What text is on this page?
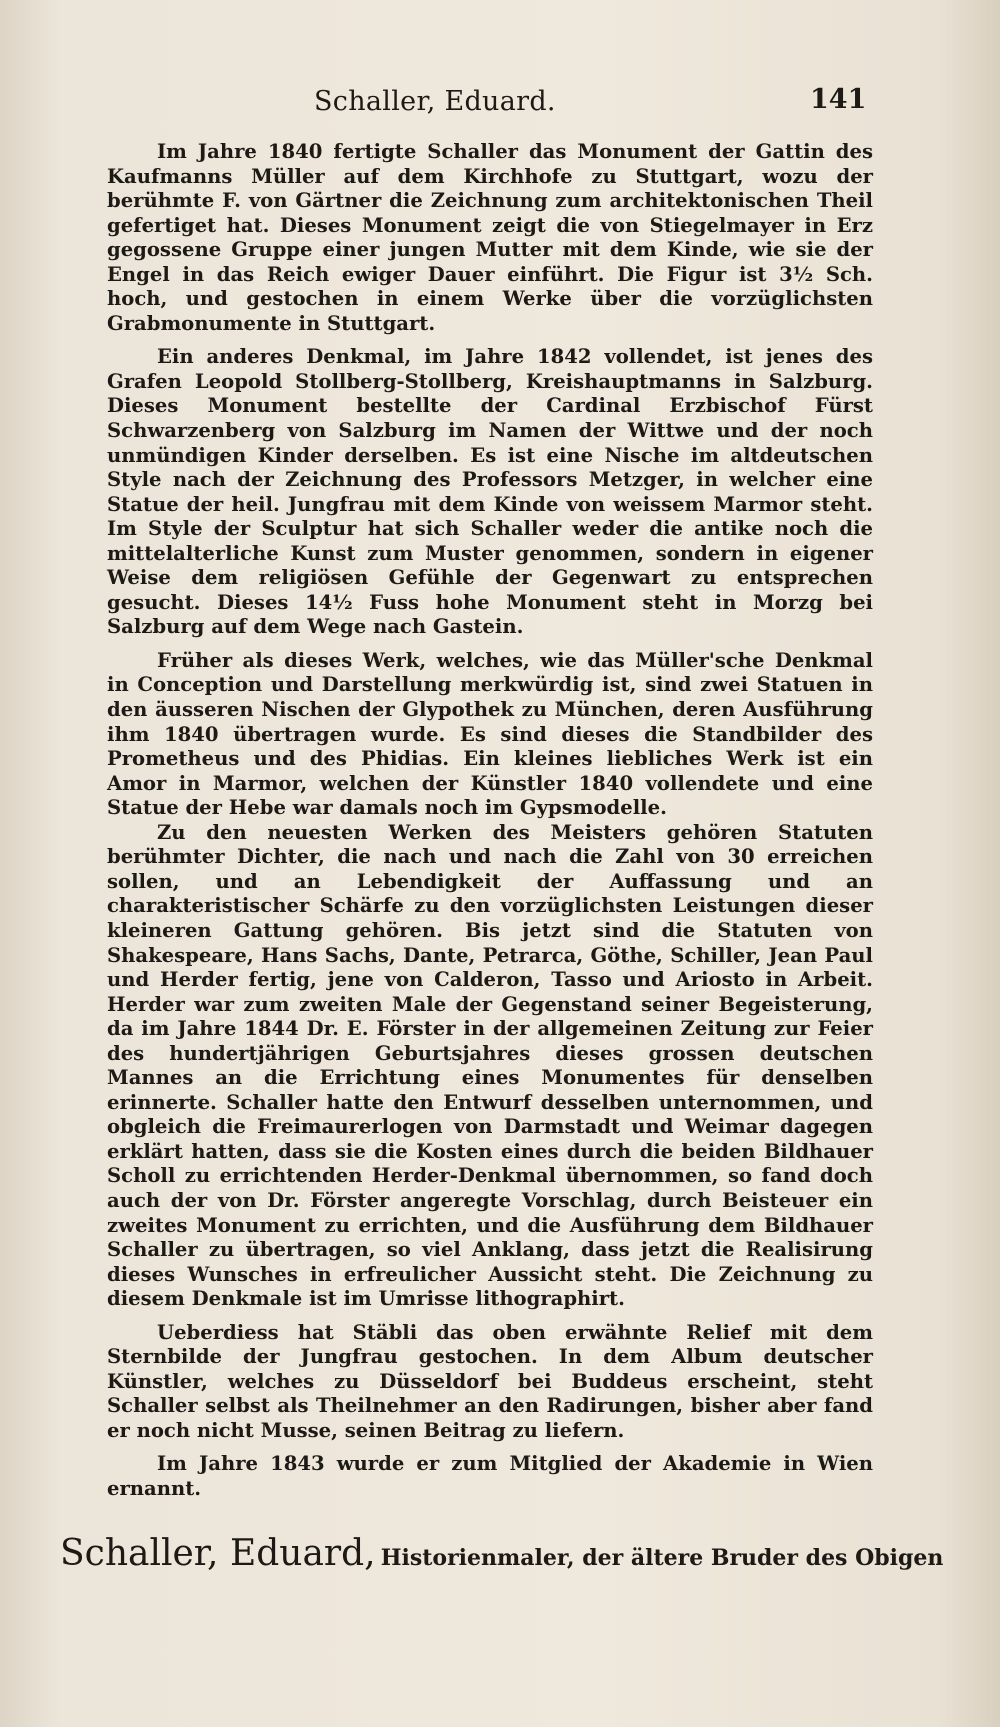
Schaller, Eduard.	141

Im Jahre 1840 fertigte Schaller das Monument der Gattin des Kaufmanns Müller auf dem Kirchhofe zu Stuttgart, wozu der berühmte F. von Gärtner die Zeichnung zum architektonischen Theil gefertiget hat. Dieses Monument zeigt die von Stiegelmayer in Erz gegossene Gruppe einer jungen Mutter mit dem Kinde, wie sie der Engel in das Reich ewiger Dauer einführt. Die Figur ist 3½ Sch. hoch, und gestochen in einem Werke über die vorzüglichsten Grabmonumente in Stuttgart.

Ein anderes Denkmal, im Jahre 1842 vollendet, ist jenes des Grafen Leopold Stollberg-Stollberg, Kreishauptmanns in Salzburg. Dieses Monument bestellte der Cardinal Erzbischof Fürst Schwarzenberg von Salzburg im Namen der Wittwe und der noch unmündigen Kinder derselben. Es ist eine Nische im altdeutschen Style nach der Zeichnung des Professors Metzger, in welcher eine Statue der heil. Jungfrau mit dem Kinde von weissem Marmor steht. Im Style der Sculptur hat sich Schaller weder die antike noch die mittelalterliche Kunst zum Muster genommen, sondern in eigener Weise dem religiösen Gefühle der Gegenwart zu entsprechen gesucht. Dieses 14½ Fuss hohe Monument steht in Morzg bei Salzburg auf dem Wege nach Gastein.

Früher als dieses Werk, welches, wie das Müller'sche Denkmal in Conception und Darstellung merkwürdig ist, sind zwei Statuen in den äusseren Nischen der Glypothek zu München, deren Ausführung ihm 1840 übertragen wurde. Es sind dieses die Standbilder des Prometheus und des Phidias. Ein kleines liebliches Werk ist ein Amor in Marmor, welchen der Künstler 1840 vollendete und eine Statue der Hebe war damals noch im Gypsmodelle.

Zu den neuesten Werken des Meisters gehören Statuten berühmter Dichter, die nach und nach die Zahl von 30 erreichen sollen, und an Lebendigkeit der Auffassung und an charakteristischer Schärfe zu den vorzüglichsten Leistungen dieser kleineren Gattung gehören. Bis jetzt sind die Statuten von Shakespeare, Hans Sachs, Dante, Petrarca, Göthe, Schiller, Jean Paul und Herder fertig, jene von Calderon, Tasso und Ariosto in Arbeit. Herder war zum zweiten Male der Gegenstand seiner Begeisterung, da im Jahre 1844 Dr. E. Förster in der allgemeinen Zeitung zur Feier des hundertjährigen Geburtsjahres dieses grossen deutschen Mannes an die Errichtung eines Monumentes für denselben erinnerte. Schaller hatte den Entwurf desselben unternommen, und obgleich die Freimaurerlogen von Darmstadt und Weimar dagegen erklärt hatten, dass sie die Kosten eines durch die beiden Bildhauer Scholl zu errichtenden Herder-Denkmal übernommen, so fand doch auch der von Dr. Förster angeregte Vorschlag, durch Beisteuer ein zweites Monument zu errichten, und die Ausführung dem Bildhauer Schaller zu übertragen, so viel Anklang, dass jetzt die Realisirung dieses Wunsches in erfreulicher Aussicht steht. Die Zeichnung zu diesem Denkmale ist im Umrisse lithographirt.

Ueberdiess hat Stäbli das oben erwähnte Relief mit dem Sternbilde der Jungfrau gestochen. In dem Album deutscher Künstler, welches zu Düsseldorf bei Buddeus erscheint, steht Schaller selbst als Theilnehmer an den Radirungen, bisher aber fand er noch nicht Musse, seinen Beitrag zu liefern.

Im Jahre 1843 wurde er zum Mitglied der Akademie in Wien ernannt.

Schaller, Eduard, Historienmaler, der ältere Bruder des Obigen
